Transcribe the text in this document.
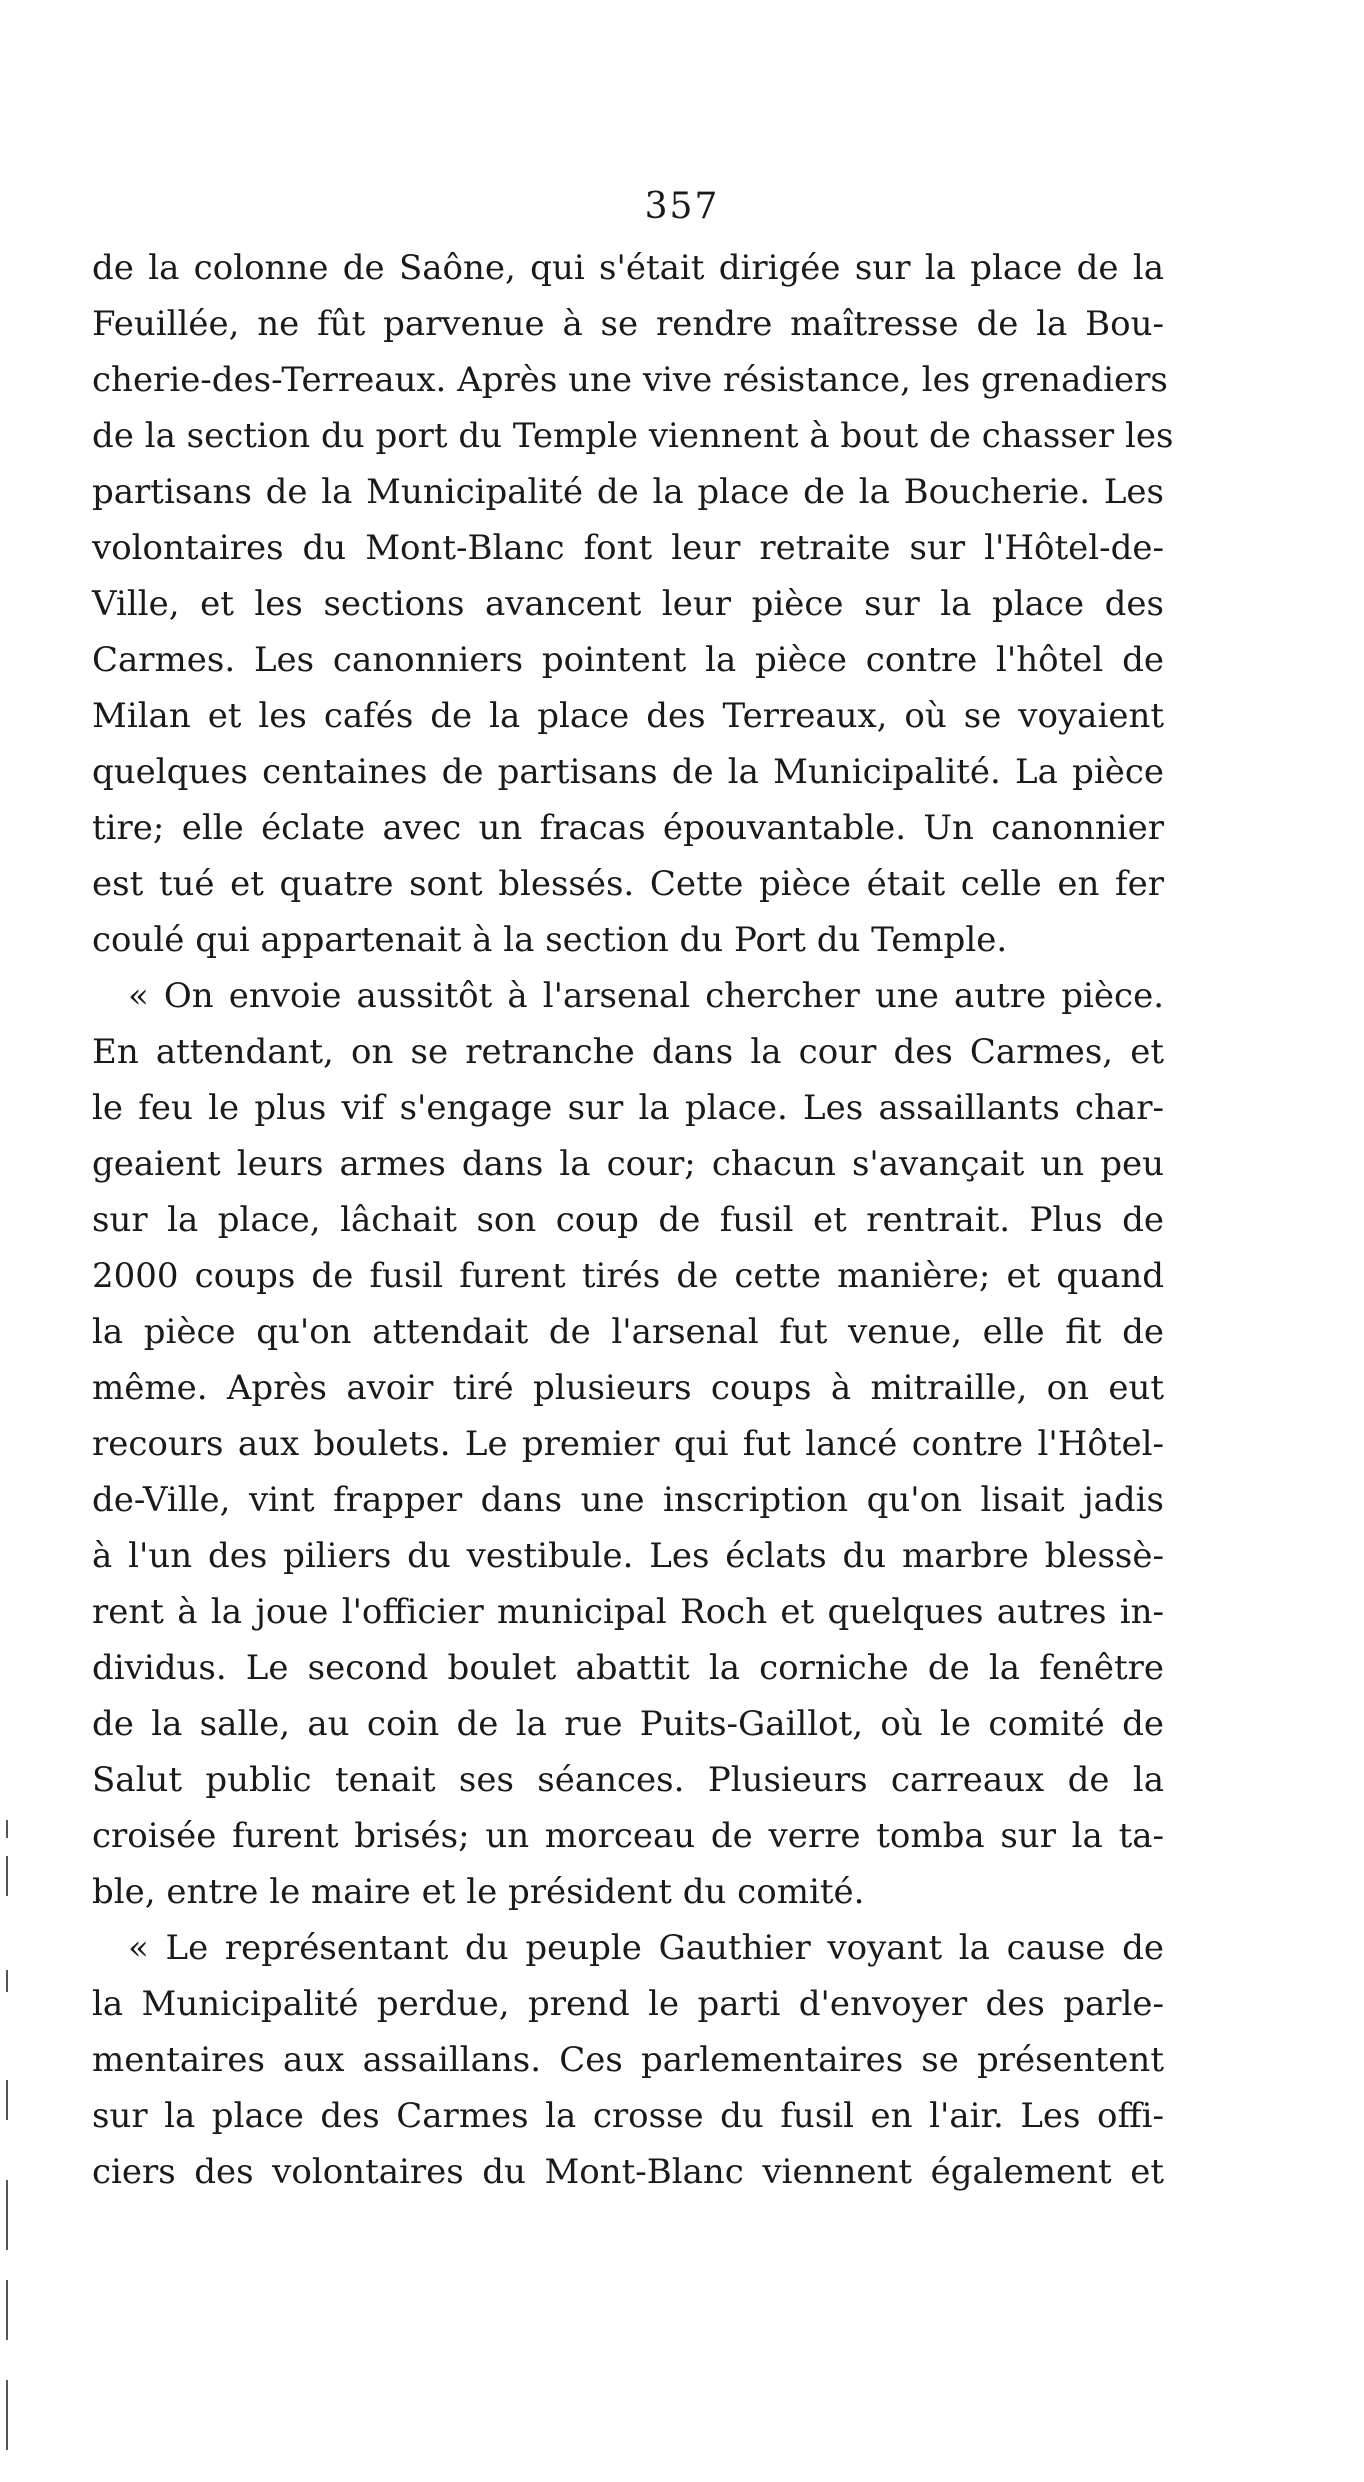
357
de la colonne de Saône, qui s'était dirigée sur la place de la
Feuillée, ne fût parvenue à se rendre maîtresse de la Bou-
cherie-des-Terreaux. Après une vive résistance, les grenadiers
de la section du port du Temple viennent à bout de chasser les
partisans de la Municipalité de la place de la Boucherie. Les
volontaires du Mont-Blanc font leur retraite sur l'Hôtel-de-
Ville, et les sections avancent leur pièce sur la place des
Carmes. Les canonniers pointent la pièce contre l'hôtel de
Milan et les cafés de la place des Terreaux, où se voyaient
quelques centaines de partisans de la Municipalité. La pièce
tire; elle éclate avec un fracas épouvantable. Un canonnier
est tué et quatre sont blessés. Cette pièce était celle en fer
coulé qui appartenait à la section du Port du Temple.
« On envoie aussitôt à l'arsenal chercher une autre pièce.
En attendant, on se retranche dans la cour des Carmes, et
le feu le plus vif s'engage sur la place. Les assaillants char-
geaient leurs armes dans la cour; chacun s'avançait un peu
sur la place, lâchait son coup de fusil et rentrait. Plus de
2000 coups de fusil furent tirés de cette manière; et quand
la pièce qu'on attendait de l'arsenal fut venue, elle fit de
même. Après avoir tiré plusieurs coups à mitraille, on eut
recours aux boulets. Le premier qui fut lancé contre l'Hôtel-
de-Ville, vint frapper dans une inscription qu'on lisait jadis
à l'un des piliers du vestibule. Les éclats du marbre blessè-
rent à la joue l'officier municipal Roch et quelques autres in-
dividus. Le second boulet abattit la corniche de la fenêtre
de la salle, au coin de la rue Puits-Gaillot, où le comité de
Salut public tenait ses séances. Plusieurs carreaux de la
croisée furent brisés; un morceau de verre tomba sur la ta-
ble, entre le maire et le président du comité.
« Le représentant du peuple Gauthier voyant la cause de
la Municipalité perdue, prend le parti d'envoyer des parle-
mentaires aux assaillans. Ces parlementaires se présentent
sur la place des Carmes la crosse du fusil en l'air. Les offi-
ciers des volontaires du Mont-Blanc viennent également et
